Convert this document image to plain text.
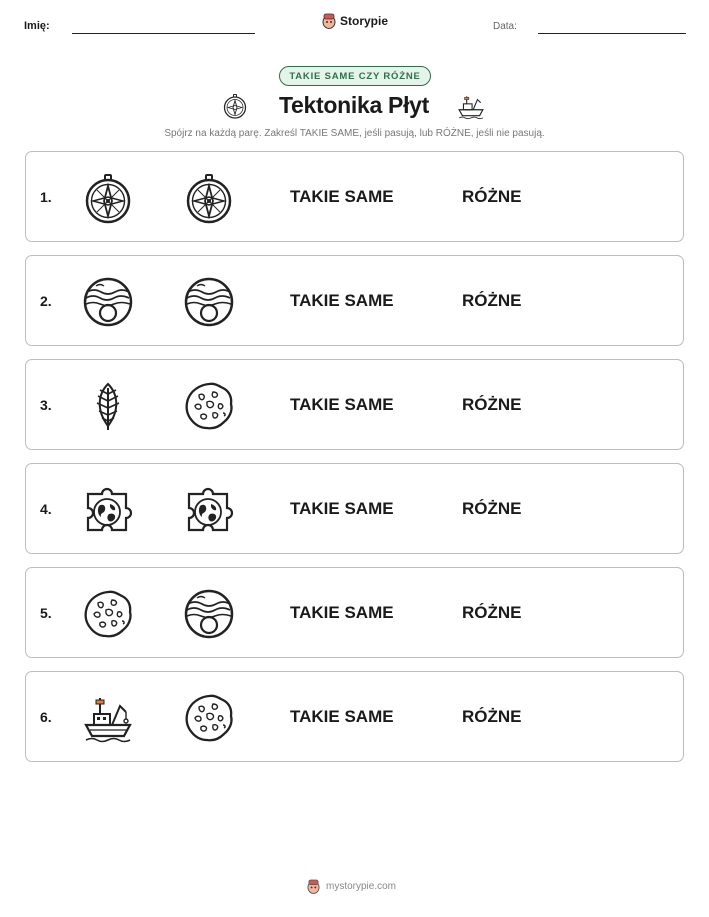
Imię:	Storypie	Data:
TAKIE SAME CZY RÓŻNE
Tektonika Płyt
Spójrz na każdą parę. Zakreśl TAKIE SAME, jeśli pasują, lub RÓŻNE, jeśli nie pasują.
1.	TAKIE SAME	RÓŻNE
2.	TAKIE SAME	RÓŻNE
3.	TAKIE SAME	RÓŻNE
4.	TAKIE SAME	RÓŻNE
5.	TAKIE SAME	RÓŻNE
6.	TAKIE SAME	RÓŻNE
mystorypie.com
